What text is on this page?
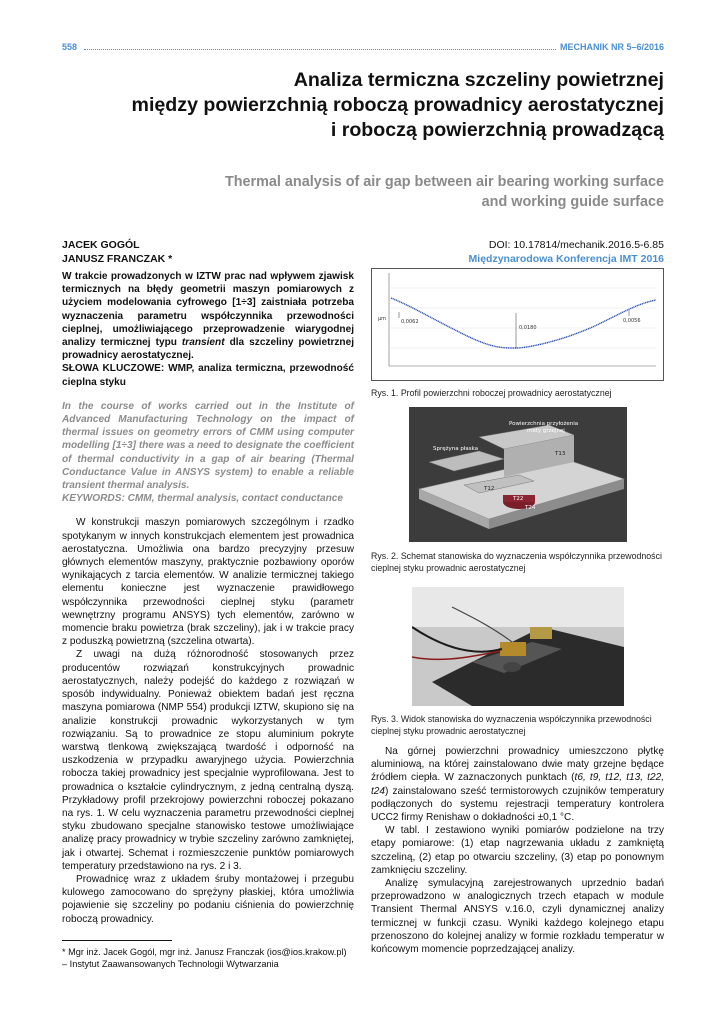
558	MECHANIK NR 5–6/2016
Analiza termiczna szczeliny powietrznej
między powierzchnią roboczą prowadnicy aerostatycznej
i roboczą powierzchnią prowadzącą
Thermal analysis of air gap between air bearing working surface
and working guide surface
JACEK GOGÓL
JANUSZ FRANCZAK *
DOI: 10.17814/mechanik.2016.5-6.85
Międzynarodowa Konferencja IMT 2016

W trakcie prowadzonych w IZTW prac nad wpływem zjawisk termicznych na błędy geometrii maszyn pomiarowych z użyciem modelowania cyfrowego [1÷3] zaistniała potrzeba wyznaczenia parametru współczynnika przewodności cieplnej, umożliwiającego przeprowadzenie wiarygodnej analizy termicznej typu transient dla szczeliny powietrznej prowadnicy aerostatycznej.

SŁOWA KLUCZOWE: WMP, analiza termiczna, przewodność cieplna styku

In the course of works carried out in the Institute of Advanced Manufacturing Technology on the impact of thermal issues on geometry errors of CMM using computer modelling [1÷3] there was a need to designate the coefficient of thermal conductivity in a gap of air bearing (Thermal Conductance Value in ANSYS system) to enable a reliable transient thermal analysis.

KEYWORDS: CMM, thermal analysis, contact conductance

W konstrukcji maszyn pomiarowych szczególnym i rzadko spotykanym w innych konstrukcjach elementem jest prowadnica aerostatyczna. Umożliwia ona bardzo precyzyjny przesuw głównych elementów maszyny, praktycznie pozbawiony oporów wynikających z tarcia elementów. W analizie termicznej takiego elementu konieczne jest wyznaczenie prawidłowego współczynnika przewodności cieplnej styku (parametr wewnętrzny programu ANSYS) tych elementów, zarówno w momencie braku powietrza (brak szczeliny), jak i w trakcie pracy z poduszką powietrzną (szczelina otwarta).

Z uwagi na dużą różnorodność stosowanych przez producentów rozwiązań konstrukcyjnych prowadnic aerostatycznych, należy podejść do każdego z rozwiązań w sposób indywidualny. Ponieważ obiektem badań jest ręczna maszyna pomiarowa (NMP 554) produkcji IZTW, skupiono się na analizie konstrukcji prowadnic wykorzystanych w tym rozwiązaniu. Są to prowadnice ze stopu aluminium pokryte warstwą tlenkową zwiększającą twardość i odporność na uszkodzenia w przypadku awaryjnego użycia. Powierzchnia robocza takiej prowadnicy jest specjalnie wyprofilowana. Jest to prowadnica o kształcie cylindrycznym, z jedną centralną dyszą. Przykładowy profil przekrojowy powierzchni roboczej pokazano na rys. 1. W celu wyznaczenia parametru przewodności cieplnej styku zbudowano specjalne stanowisko testowe umożliwiające analizę pracy prowadnicy w trybie szczeliny zarówno zamkniętej, jak i otwartej. Schemat i rozmieszczenie punktów pomiarowych temperatury przedstawiono na rys. 2 i 3.

Prowadnicę wraz z układem śruby montażowej i przegubu kulowego zamocowano do sprężyny płaskiej, która umożliwia pojawienie się szczeliny po podaniu ciśnienia do powierzchnię roboczą prowadnicy.

* Mgr inż. Jacek Gogól, mgr inż. Janusz Franczak (ios@ios.krakow.pl) – Instytut Zaawansowanych Technologii Wytwarzania
µm	0,0062
0,0180
0,0056
Rys. 1. Profil powierzchni roboczej prowadnicy aerostatycznej
Powierzchnia przyłożenia
maty grzejnej
Sprężyna płaska
T13
T12
T22
T24
Rys. 2. Schemat stanowiska do wyznaczenia współczynnika przewodności cieplnej styku prowadnic aerostatycznej
Rys. 3. Widok stanowiska do wyznaczenia współczynnika przewodności cieplnej styku prowadnic aerostatycznej

Na górnej powierzchni prowadnicy umieszczono płytkę aluminiową, na której zainstalowano dwie maty grzejne będące źródłem ciepła. W zaznaczonych punktach (t6, t9, t12, t13, t22, t24) zainstalowano sześć termistorowych czujników temperatury podłączonych do systemu rejestracji temperatury kontrolera UCC2 firmy Renishaw o dokładności ±0,1 °C.

W tabl. I zestawiono wyniki pomiarów podzielone na trzy etapy pomiarowe: (1) etap nagrzewania układu z zamkniętą szczeliną, (2) etap po otwarciu szczeliny, (3) etap po ponownym zamknięciu szczeliny.

Analizę symulacyjną zarejestrowanych uprzednio badań przeprowadzono w analogicznych trzech etapach w module Transient Thermal ANSYS v.16.0, czyli dynamicznej analizy termicznej w funkcji czasu. Wyniki każdego kolejnego etapu przenoszono do kolejnej analizy w formie rozkładu temperatur w końcowym momencie poprzedzającej analizy.
